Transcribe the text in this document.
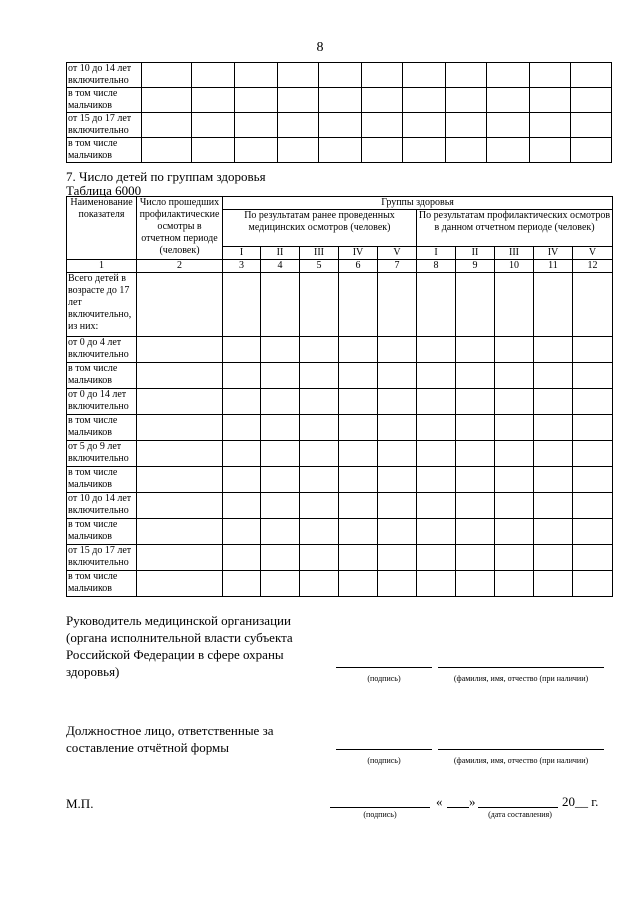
8
от 10 до 14 лет включительно											
в том числе мальчиков											
от 15 до 17 лет включительно											
в том числе мальчиков											
7. Число детей по группам здоровья
Таблица 6000
Наименование показателя	Число прошедших профилактические осмотры в отчетном периоде (человек)	Группы здоровья									
		По результатам ранее проведенных медицинских осмотров (человек)					По результатам профилактических осмотров в данном отчетном периоде (человек)				
		I	II	III	IV	V	I	II	III	IV	V
1	2	3	4	5	6	7	8	9	10	11	12
Всего детей в возрасте до 17 лет включительно, из них:											
от 0 до 4 лет включительно											
в том числе мальчиков											
от 0 до 14 лет включительно											
в том числе мальчиков											
от 5 до 9 лет включительно											
в том числе мальчиков											
от 10 до 14 лет включительно											
в том числе мальчиков											
от 15 до 17 лет включительно											
в том числе мальчиков											
Руководитель медицинской организации (органа исполнительной власти субъекта Российской Федерации в сфере охраны здоровья)	(подпись)	(фамилия, имя, отчество (при наличии)
Должностное лицо, ответственные за составление отчётной формы
(подпись)	(фамилия, имя, отчество (при наличии)
М.П.	« »	20__ г.
(подпись)	(дата составления)
